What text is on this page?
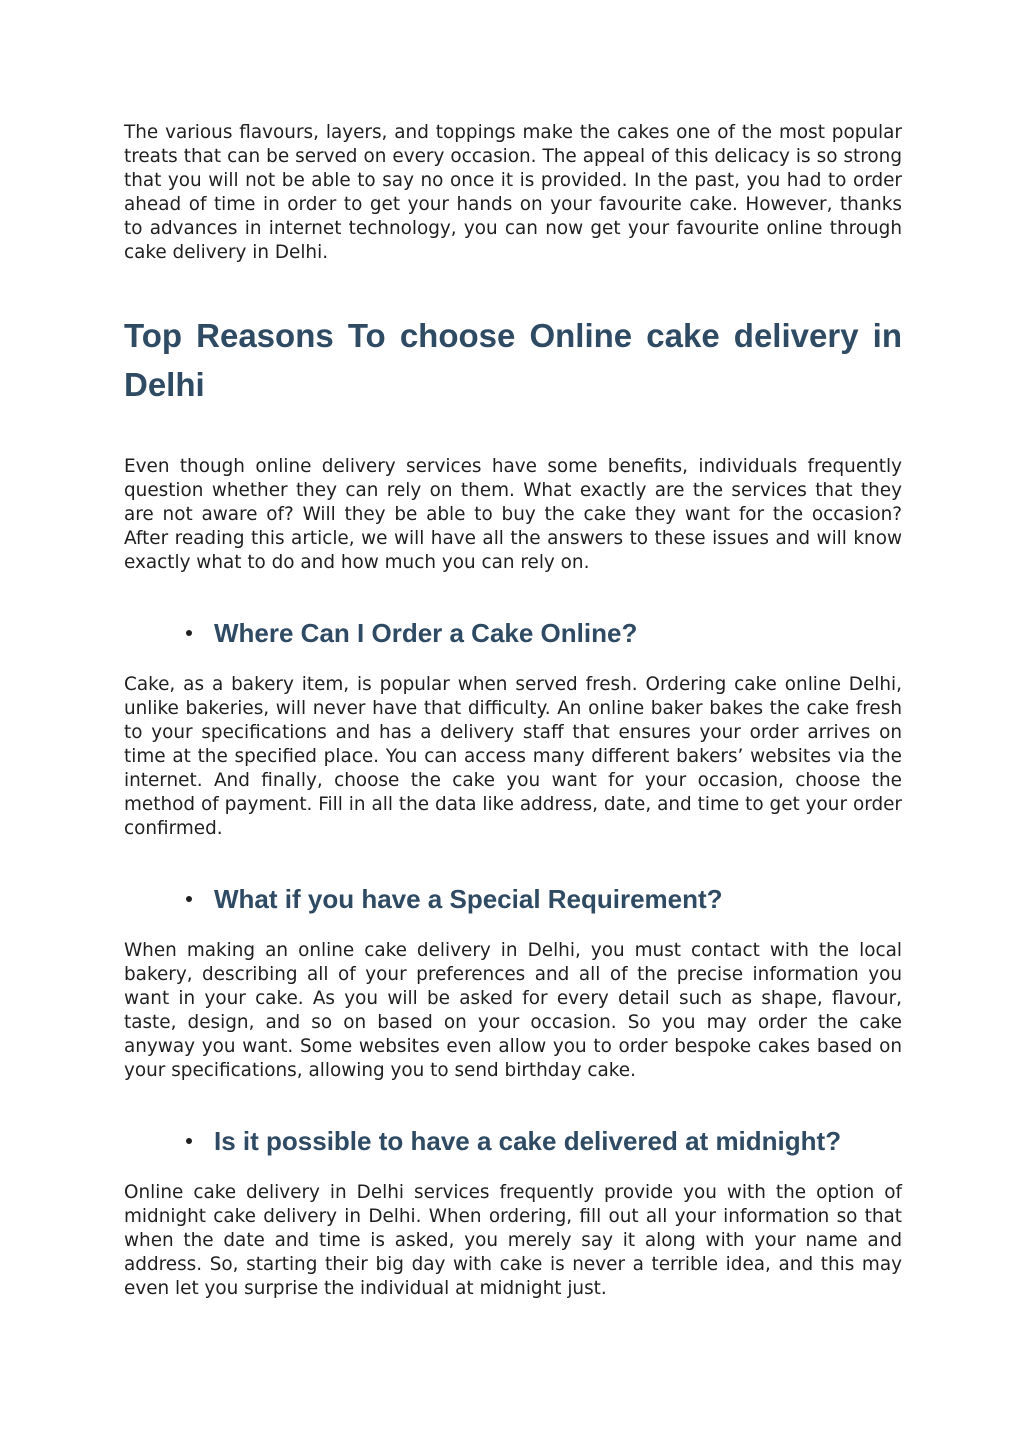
The various flavours, layers, and toppings make the cakes one of the most popular treats that can be served on every occasion. The appeal of this delicacy is so strong that you will not be able to say no once it is provided. In the past, you had to order ahead of time in order to get your hands on your favourite cake. However, thanks to advances in internet technology, you can now get your favourite online through cake delivery in Delhi.

Top Reasons To choose Online cake delivery in Delhi

Even though online delivery services have some benefits, individuals frequently question whether they can rely on them. What exactly are the services that they are not aware of? Will they be able to buy the cake they want for the occasion? After reading this article, we will have all the answers to these issues and will know exactly what to do and how much you can rely on.

Where Can I Order a Cake Online?

Cake, as a bakery item, is popular when served fresh. Ordering cake online Delhi, unlike bakeries, will never have that difficulty. An online baker bakes the cake fresh to your specifications and has a delivery staff that ensures your order arrives on time at the specified place. You can access many different bakers’ websites via the internet. And finally, choose the cake you want for your occasion, choose the method of payment. Fill in all the data like address, date, and time to get your order confirmed.

What if you have a Special Requirement?

When making an online cake delivery in Delhi, you must contact with the local bakery, describing all of your preferences and all of the precise information you want in your cake. As you will be asked for every detail such as shape, flavour, taste, design, and so on based on your occasion. So you may order the cake anyway you want. Some websites even allow you to order bespoke cakes based on your specifications, allowing you to send birthday cake.

Is it possible to have a cake delivered at midnight?

Online cake delivery in Delhi services frequently provide you with the option of midnight cake delivery in Delhi. When ordering, fill out all your information so that when the date and time is asked, you merely say it along with your name and address. So, starting their big day with cake is never a terrible idea, and this may even let you surprise the individual at midnight just.
